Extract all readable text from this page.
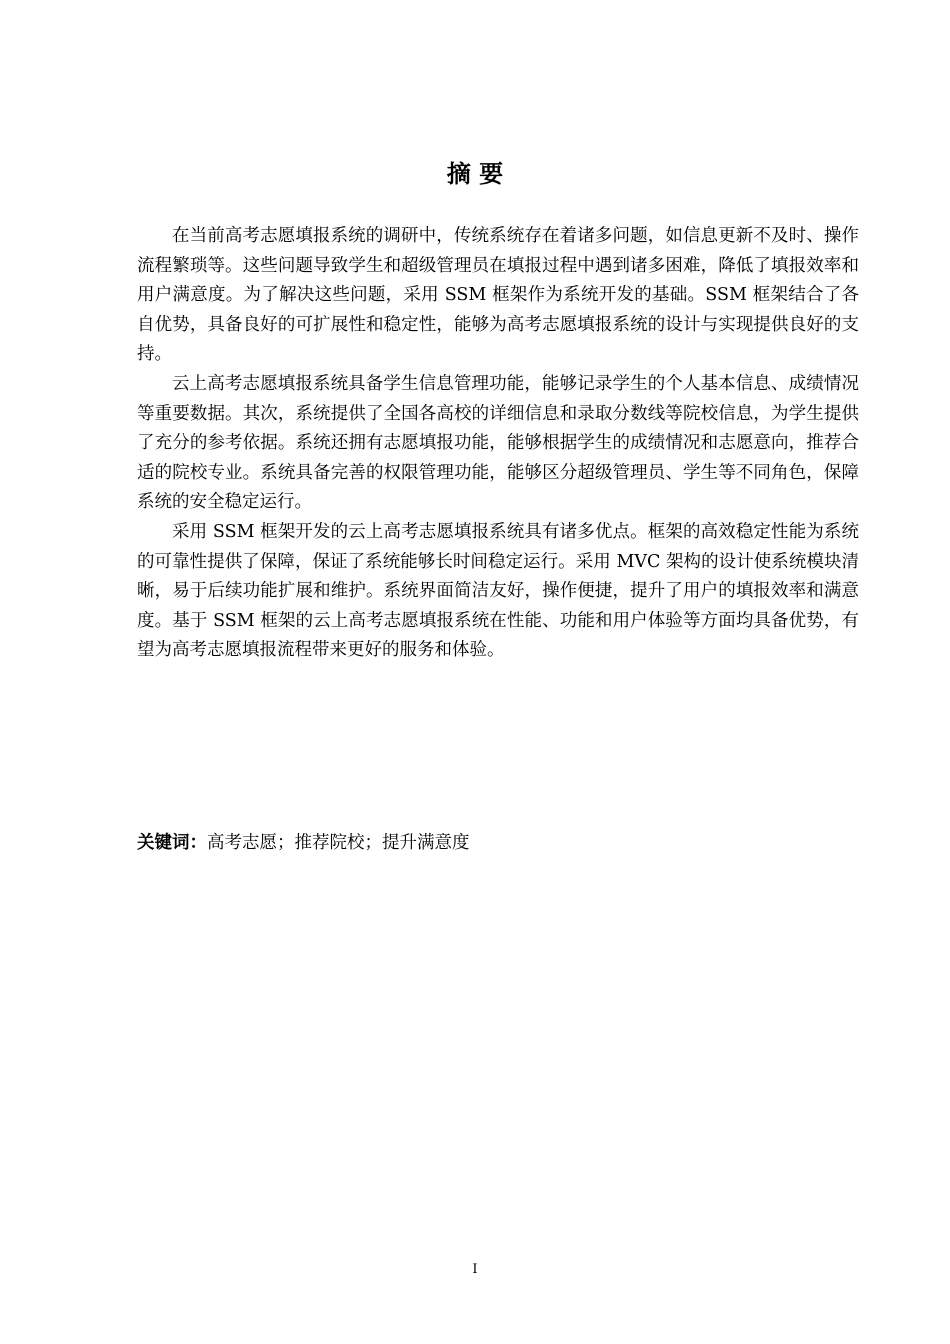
摘 要

在当前高考志愿填报系统的调研中，传统系统存在着诸多问题，如信息更新不及时、操作流程繁琐等。这些问题导致学生和超级管理员在填报过程中遇到诸多困难，降低了填报效率和用户满意度。为了解决这些问题，采用 SSM 框架作为系统开发的基础。SSM 框架结合了各自优势，具备良好的可扩展性和稳定性，能够为高考志愿填报系统的设计与实现提供良好的支持。

云上高考志愿填报系统具备学生信息管理功能，能够记录学生的个人基本信息、成绩情况等重要数据。其次，系统提供了全国各高校的详细信息和录取分数线等院校信息，为学生提供了充分的参考依据。系统还拥有志愿填报功能，能够根据学生的成绩情况和志愿意向，推荐合适的院校专业。系统具备完善的权限管理功能，能够区分超级管理员、学生等不同角色，保障系统的安全稳定运行。

采用 SSM 框架开发的云上高考志愿填报系统具有诸多优点。框架的高效稳定性能为系统的可靠性提供了保障，保证了系统能够长时间稳定运行。采用 MVC 架构的设计使系统模块清晰，易于后续功能扩展和维护。系统界面简洁友好，操作便捷，提升了用户的填报效率和满意度。基于 SSM 框架的云上高考志愿填报系统在性能、功能和用户体验等方面均具备优势，有望为高考志愿填报流程带来更好的服务和体验。

关键词：高考志愿；推荐院校；提升满意度

I
